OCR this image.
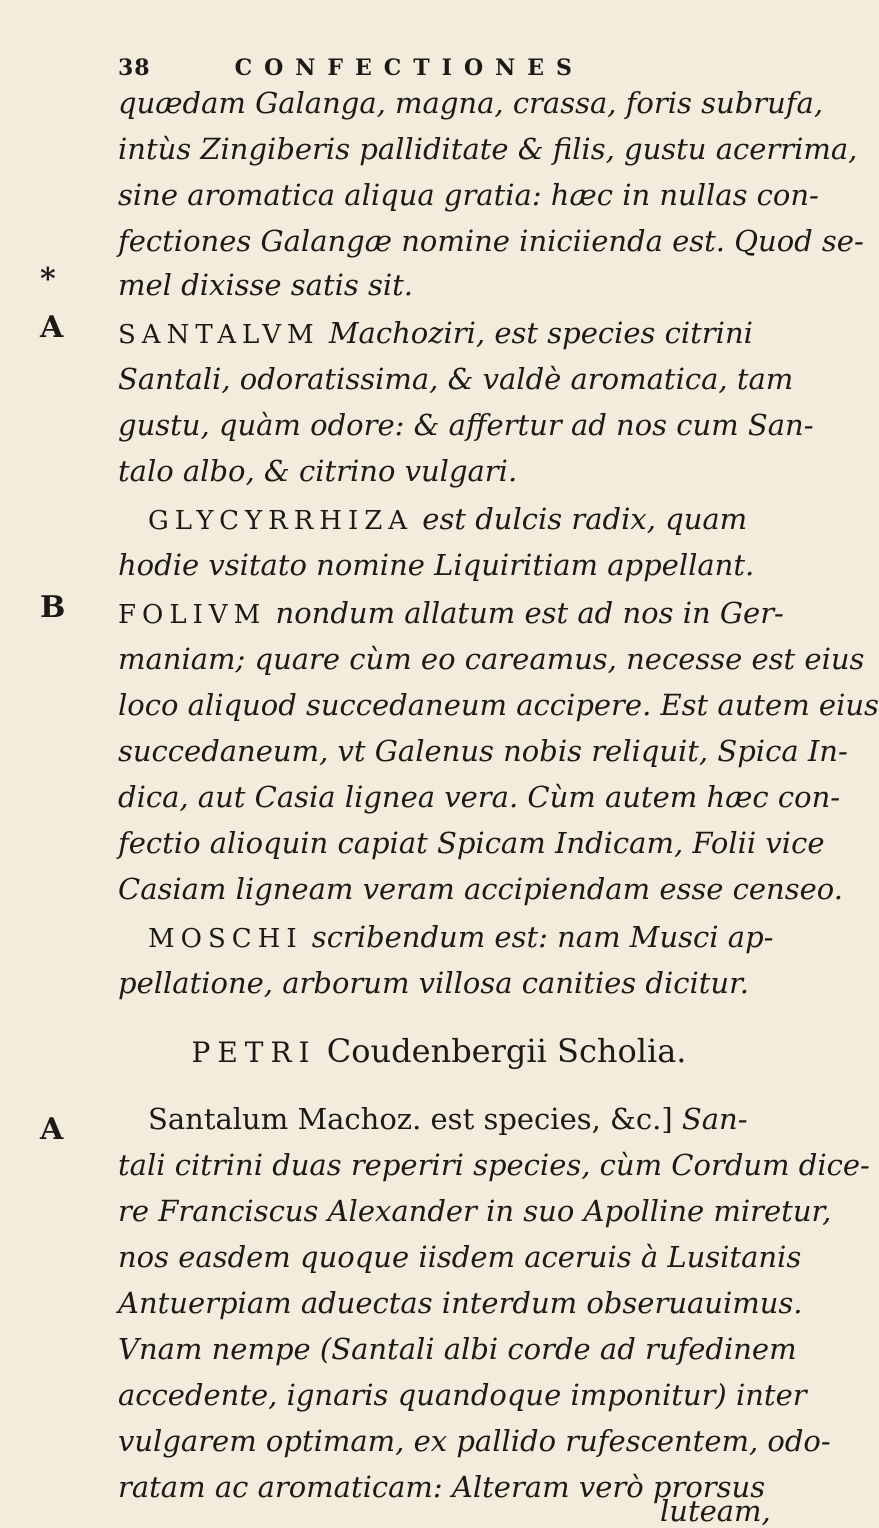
38	CONFECTIONES
quædam Galanga, magna, crassa, foris subrufa,
intùs Zingiberis palliditate & filis, gustu acerrima,
sine aromatica aliqua gratia: hæc in nullas con-
fectiones Galangæ nomine iniciienda est. Quod se-
* mel dixisse satis sit.
A SANTALVM Machoziri, est species citrini
Santali, odoratissima, & valdè aromatica, tam
gustu, quàm odore: & affertur ad nos cum San-
talo albo, & citrino vulgari.
GLYCYRRHIZA est dulcis radix, quam
hodie vsitato nomine Liquiritiam appellant.
B FOLIVM nondum allatum est ad nos in Ger-
maniam; quare cùm eo careamus, necesse est eius
loco aliquod succedaneum accipere. Est autem eius
succedaneum, vt Galenus nobis reliquit, Spica In-
dica, aut Casia lignea vera. Cùm autem hæc con-
fectio alioquin capiat Spicam Indicam, Folii vice
Casiam ligneam veram accipiendam esse censeo.
MOSCHI scribendum est: nam Musci ap-
pellatione, arborum villosa canities dicitur.
PETRI Coudenbergii Scholia.
A	Santalum Machoz. est species, &c.] San-
tali citrini duas reperiri species, cùm Cordum dice-
re Franciscus Alexander in suo Apolline miretur,
nos easdem quoque iisdem aceruis à Lusitanis
Antuerpiam aduectas interdum obseruauimus.
Vnam nempe (Santali albi corde ad rufedinem
accedente, ignaris quandoque imponitur) inter
vulgarem optimam, ex pallido rufescentem, odo-
ratam ac aromaticam: Alteram verò prorsus
luteam,
